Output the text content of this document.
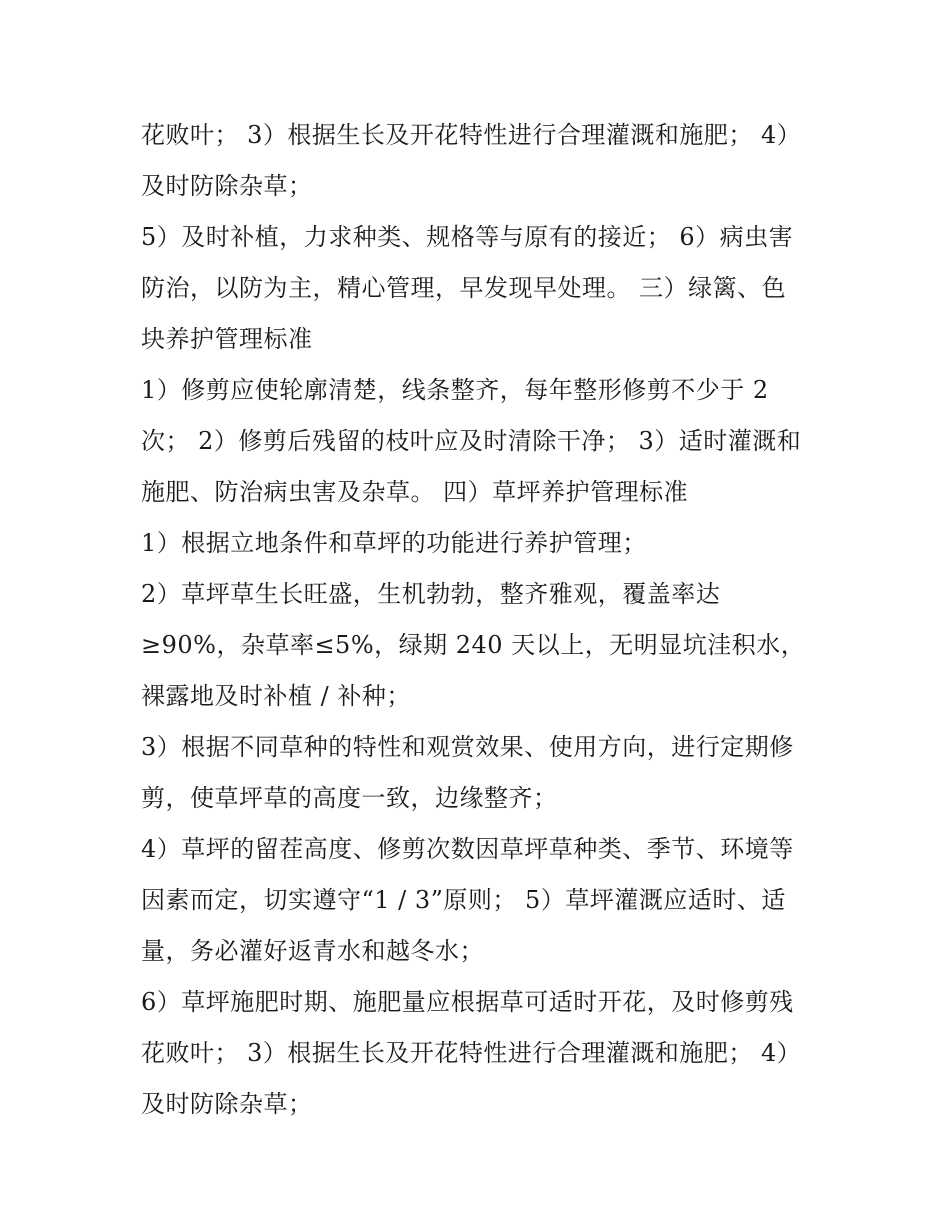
花败叶； 3）根据生长及开花特性进行合理灌溉和施肥； 4）
及时防除杂草；
5）及时补植，力求种类、规格等与原有的接近； 6）病虫害
防治，以防为主，精心管理，早发现早处理。 三）绿篱、色
块养护管理标准
1）修剪应使轮廓清楚，线条整齐，每年整形修剪不少于 2
次； 2）修剪后残留的枝叶应及时清除干净； 3）适时灌溉和
施肥、防治病虫害及杂草。 四）草坪养护管理标准
1）根据立地条件和草坪的功能进行养护管理；
2）草坪草生长旺盛，生机勃勃，整齐雅观，覆盖率达
≥90%，杂草率≤5%，绿期 240 天以上，无明显坑洼积水，
裸露地及时补植 / 补种；
3）根据不同草种的特性和观赏效果、使用方向，进行定期修
剪，使草坪草的高度一致，边缘整齐；
4）草坪的留茬高度、修剪次数因草坪草种类、季节、环境等
因素而定，切实遵守“1 / 3”原则； 5）草坪灌溉应适时、适
量，务必灌好返青水和越冬水；
6）草坪施肥时期、施肥量应根据草可适时开花，及时修剪残
花败叶； 3）根据生长及开花特性进行合理灌溉和施肥； 4）
及时防除杂草；
